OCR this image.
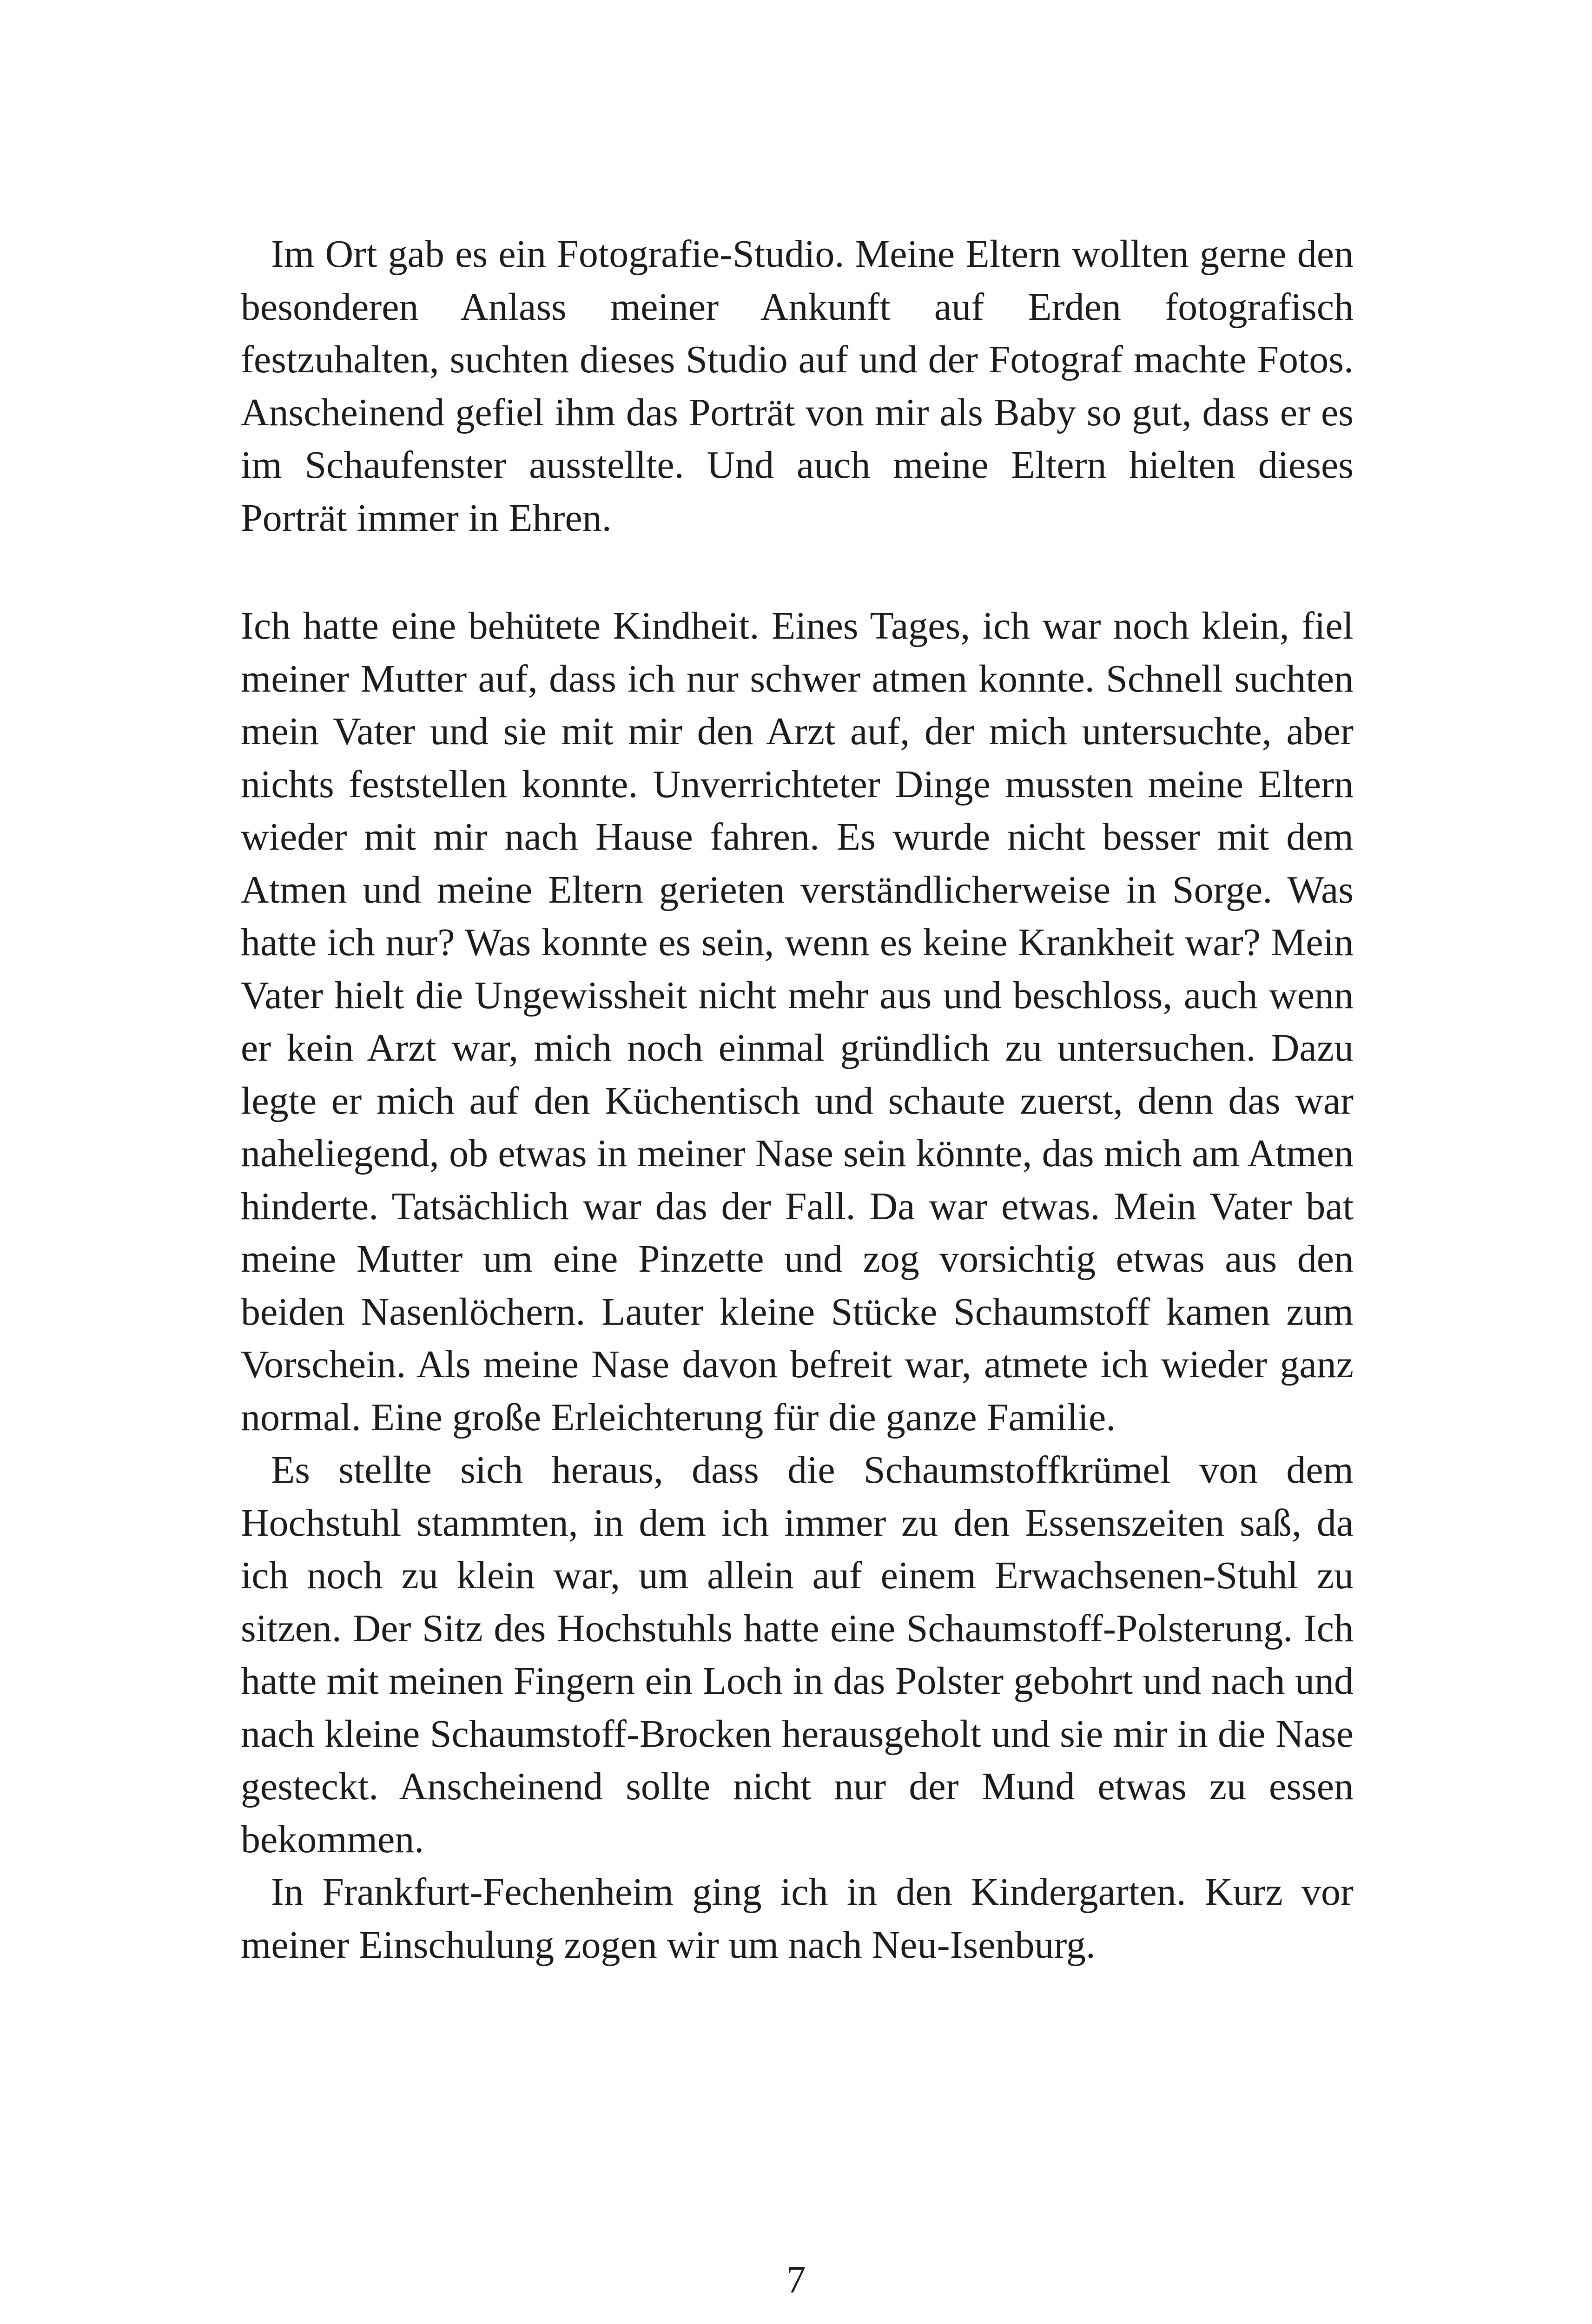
Im Ort gab es ein Fotografie-Studio. Meine Eltern wollten gerne den besonderen Anlass meiner Ankunft auf Erden fotografisch festzuhalten, suchten dieses Studio auf und der Fotograf machte Fotos. Anscheinend gefiel ihm das Porträt von mir als Baby so gut, dass er es im Schaufenster ausstellte. Und auch meine Eltern hielten dieses Porträt immer in Ehren.

Ich hatte eine behütete Kindheit. Eines Tages, ich war noch klein, fiel meiner Mutter auf, dass ich nur schwer atmen konnte. Schnell suchten mein Vater und sie mit mir den Arzt auf, der mich untersuchte, aber nichts feststellen konnte. Unverrichteter Dinge mussten meine Eltern wieder mit mir nach Hause fahren. Es wurde nicht besser mit dem Atmen und meine Eltern gerieten verständlicherweise in Sorge. Was hatte ich nur? Was konnte es sein, wenn es keine Krankheit war? Mein Vater hielt die Ungewissheit nicht mehr aus und beschloss, auch wenn er kein Arzt war, mich noch einmal gründlich zu untersuchen. Dazu legte er mich auf den Küchentisch und schaute zuerst, denn das war naheliegend, ob etwas in meiner Nase sein könnte, das mich am Atmen hinderte. Tatsächlich war das der Fall. Da war etwas. Mein Vater bat meine Mutter um eine Pinzette und zog vorsichtig etwas aus den beiden Nasenlöchern. Lauter kleine Stücke Schaumstoff kamen zum Vorschein. Als meine Nase davon befreit war, atmete ich wieder ganz normal. Eine große Erleichterung für die ganze Familie.

Es stellte sich heraus, dass die Schaumstoffkrümel von dem Hochstuhl stammten, in dem ich immer zu den Essenszeiten saß, da ich noch zu klein war, um allein auf einem Erwachsenen-Stuhl zu sitzen. Der Sitz des Hochstuhls hatte eine Schaumstoff-Polsterung. Ich hatte mit meinen Fingern ein Loch in das Polster gebohrt und nach und nach kleine Schaumstoff-Brocken herausgeholt und sie mir in die Nase gesteckt. Anscheinend sollte nicht nur der Mund etwas zu essen bekommen.

In Frankfurt-Fechenheim ging ich in den Kindergarten. Kurz vor meiner Einschulung zogen wir um nach Neu-Isenburg.

7
